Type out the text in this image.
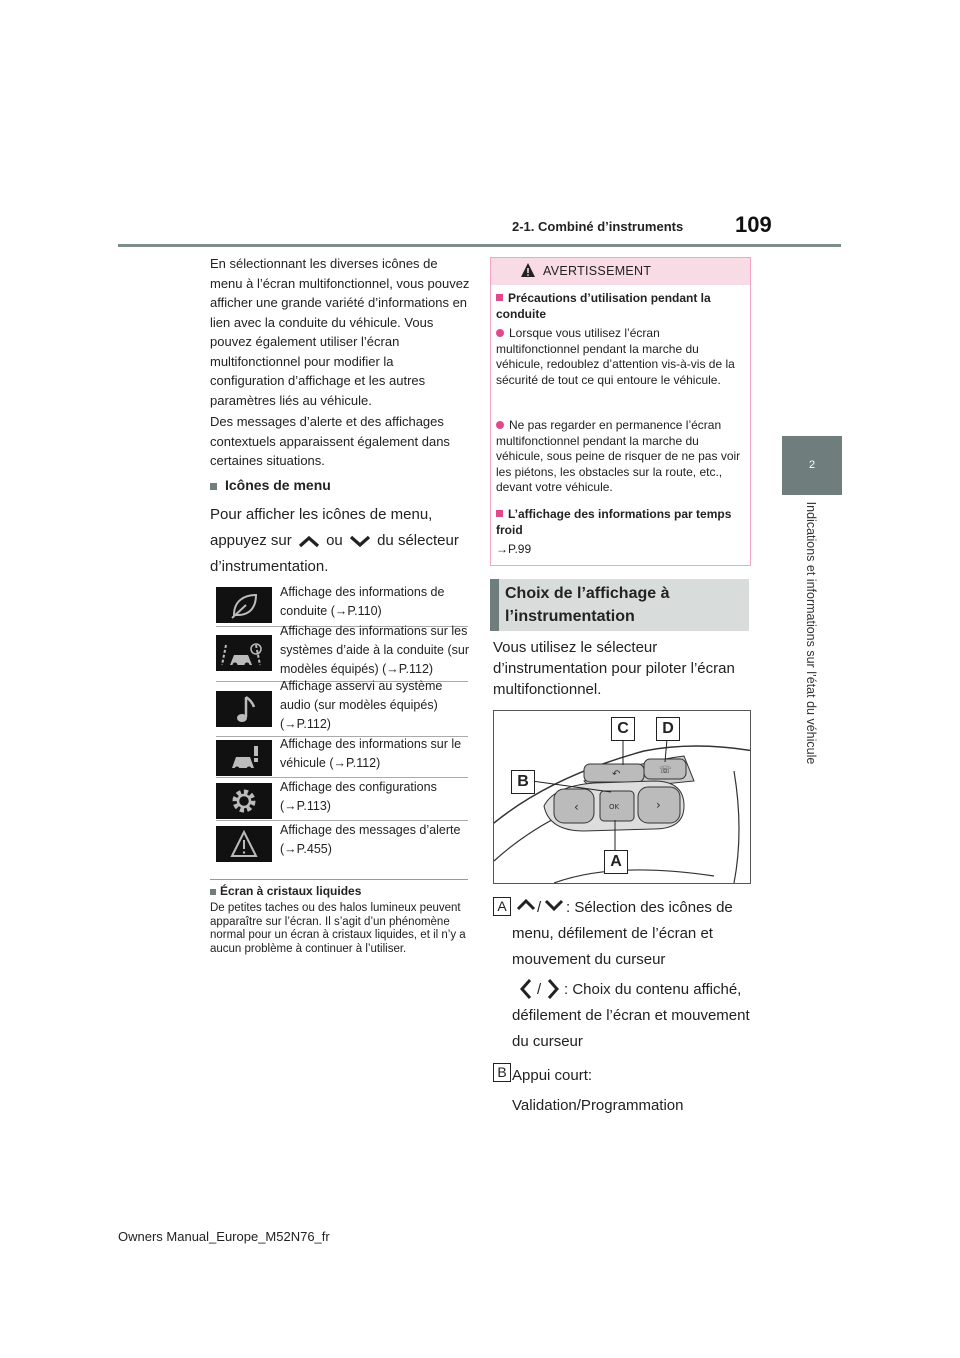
2-1. Combiné d’instruments 109
2
Indications et informations sur l’état du véhicule
En sélectionnant les diverses icônes de menu à l’écran multifonctionnel, vous pouvez afficher une grande variété d’informations en lien avec la conduite du véhicule. Vous pouvez également utiliser l’écran multifonctionnel pour modifier la configuration d’affichage et les autres paramètres liés au véhicule.
Des messages d’alerte et des affichages contextuels apparaissent également dans certaines situations.
Icônes de menu
Pour afficher les icônes de menu,
appuyez sur ou du sélecteur
d’instrumentation.
Affichage des informations de conduite (→P.110)
Affichage des informations sur les systèmes d’aide à la conduite (sur modèles équipés) (→P.112)
Affichage asservi au système audio (sur modèles équipés) (→P.112)
Affichage des informations sur le véhicule (→P.112)
Affichage des configurations (→P.113)
Affichage des messages d’alerte (→P.455)
Écran à cristaux liquides
De petites taches ou des halos lumineux peuvent apparaître sur l’écran. Il s’agit d’un phénomène normal pour un écran à cristaux liquides, et il n’y a aucun problème à continuer à l’utiliser.
AVERTISSEMENT
Précautions d’utilisation pendant la conduite
Lorsque vous utilisez l’écran multifonctionnel pendant la marche du véhicule, redoublez d’attention vis-à-vis de la sécurité de tout ce qui entoure le véhicule.
Ne pas regarder en permanence l’écran multifonctionnel pendant la marche du véhicule, sous peine de risquer de ne pas voir les piétons, les obstacles sur la route, etc., devant votre véhicule.
L’affichage des informations par temps froid
→P.99
Choix de l’affichage à l’instrumentation
Vous utilisez le sélecteur d’instrumentation pour piloter l’écran multifonctionnel.
↶	☏
‹	›
OK
C	D
B
A
A /	: Sélection des icônes de menu, défilement de l’écran et mouvement du curseur
/	: Choix du contenu affiché, défilement de l’écran et mouvement du curseur
B Appui court: Validation/Programmation
Owners Manual_Europe_M52N76_fr
